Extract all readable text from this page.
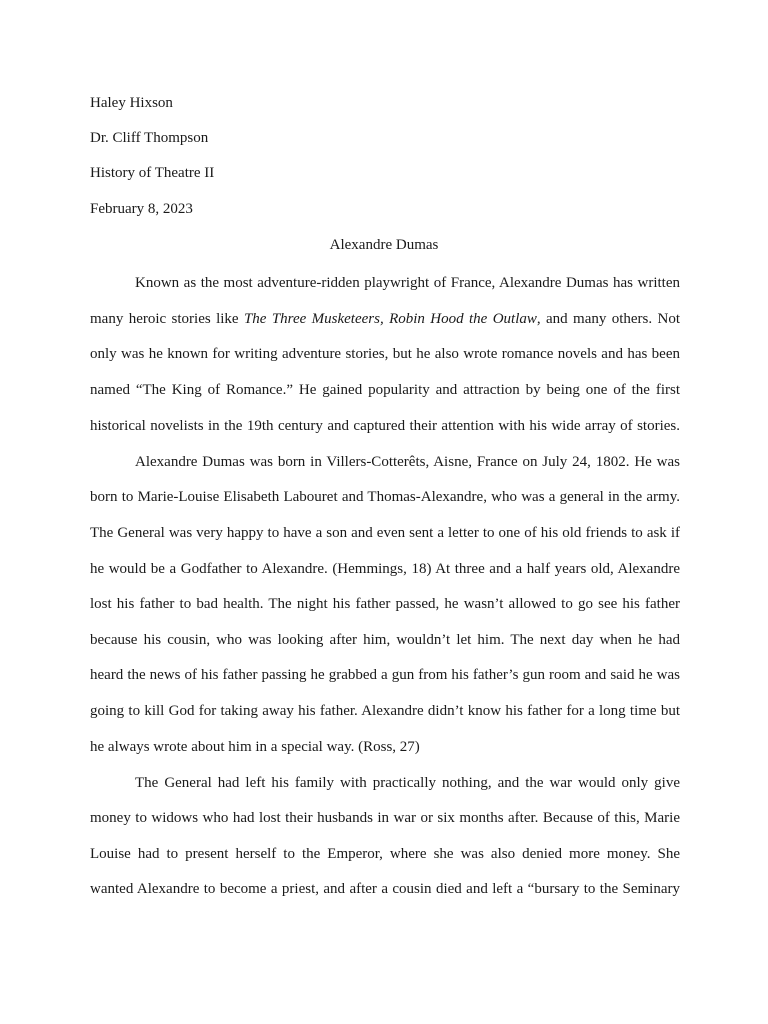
Haley Hixson
Dr. Cliff Thompson
History of Theatre II
February 8, 2023
Alexandre Dumas
Known as the most adventure-ridden playwright of France, Alexandre Dumas has written
many heroic stories like The Three Musketeers, Robin Hood the Outlaw, and many others. Not
only was he known for writing adventure stories, but he also wrote romance novels and has been
named “The King of Romance.” He gained popularity and attraction by being one of the first
historical novelists in the 19th century and captured their attention with his wide array of stories.
Alexandre Dumas was born in Villers-Cotterêts, Aisne, France on July 24, 1802. He was
born to Marie-Louise Elisabeth Labouret and Thomas-Alexandre, who was a general in the army.
The General was very happy to have a son and even sent a letter to one of his old friends to ask if
he would be a Godfather to Alexandre. (Hemmings, 18) At three and a half years old, Alexandre
lost his father to bad health. The night his father passed, he wasn’t allowed to go see his father
because his cousin, who was looking after him, wouldn’t let him. The next day when he had
heard the news of his father passing he grabbed a gun from his father’s gun room and said he was
going to kill God for taking away his father. Alexandre didn’t know his father for a long time but
he always wrote about him in a special way. (Ross, 27)
The General had left his family with practically nothing, and the war would only give
money to widows who had lost their husbands in war or six months after. Because of this, Marie
Louise had to present herself to the Emperor, where she was also denied more money. She
wanted Alexandre to become a priest, and after a cousin died and left a “bursary to the Seminary
